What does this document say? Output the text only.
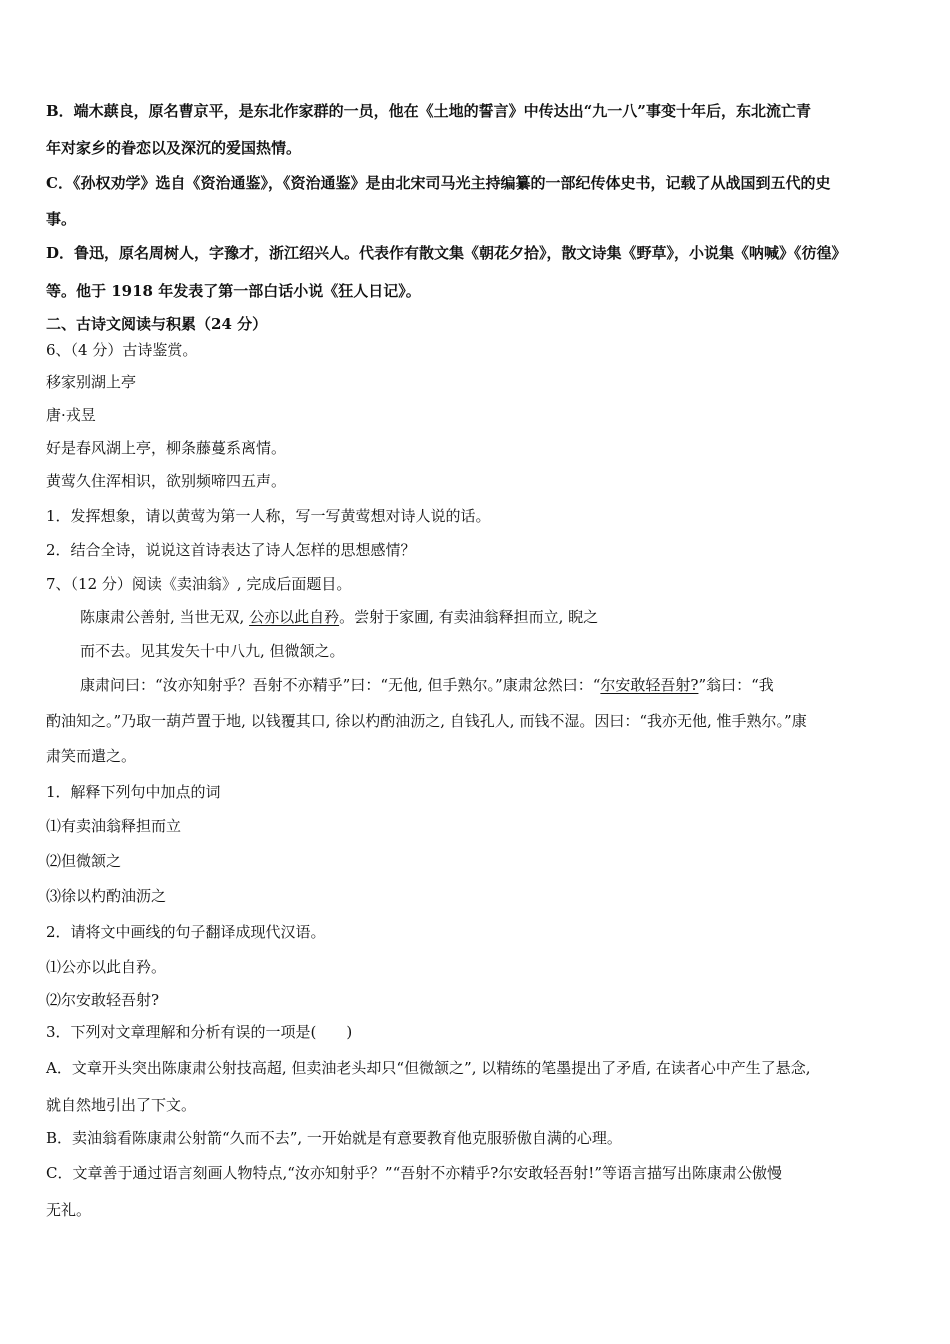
B．端木蕻良，原名曹京平，是东北作家群的一员，他在《土地的誓言》中传达出“九一八”事变十年后，东北流亡青
年对家乡的眷恋以及深沉的爱国热情。
C．《孙权劝学》选自《资治通鉴》，《资治通鉴》是由北宋司马光主持编纂的一部纪传体史书，记载了从战国到五代的史
事。
D．鲁迅，原名周树人，字豫才，浙江绍兴人。代表作有散文集《朝花夕拾》，散文诗集《野草》，小说集《呐喊》《彷徨》
等。他于 1918 年发表了第一部白话小说《狂人日记》。
二、古诗文阅读与积累（24 分）
6、（4 分）古诗鉴赏。
移家别湖上亭
唐·戎昱
好是春风湖上亭，柳条藤蔓系离情。
黄莺久住浑相识，欲别频啼四五声。
1．发挥想象，请以黄莺为第一人称，写一写黄莺想对诗人说的话。
2．结合全诗，说说这首诗表达了诗人怎样的思想感情？
7、（12 分）阅读《卖油翁》, 完成后面题目。
陈康肃公善射, 当世无双, 公亦以此自矜。尝射于家圃, 有卖油翁释担而立, 睨之
而不去。见其发矢十中八九, 但微颔之。
康肃问曰：“汝亦知射乎？吾射不亦精乎”曰：“无他, 但手熟尔。”康肃忿然曰：“尔安敢轻吾射?”翁曰：“我
酌油知之。”乃取一葫芦置于地, 以钱覆其口, 徐以杓酌油沥之, 自钱孔人, 而钱不湿。因曰：“我亦无他, 惟手熟尔。”康
肃笑而遣之。
1．解释下列句中加点的词
⑴有卖油翁释担而立
⑵但微颔之
⑶徐以杓酌油沥之
2．请将文中画线的句子翻译成现代汉语。
⑴公亦以此自矜。
⑵尔安敢轻吾射?
3．下列对文章理解和分析有误的一项是(　　)
A．文章开头突出陈康肃公射技高超, 但卖油老头却只“但微颔之”, 以精练的笔墨提出了矛盾, 在读者心中产生了悬念,
就自然地引出了下文。
B．卖油翁看陈康肃公射箭“久而不去”, 一开始就是有意要教育他克服骄傲自满的心理。
C．文章善于通过语言刻画人物特点,“汝亦知射乎？”“吾射不亦精乎?尔安敢轻吾射!”等语言描写出陈康肃公傲慢
无礼。
